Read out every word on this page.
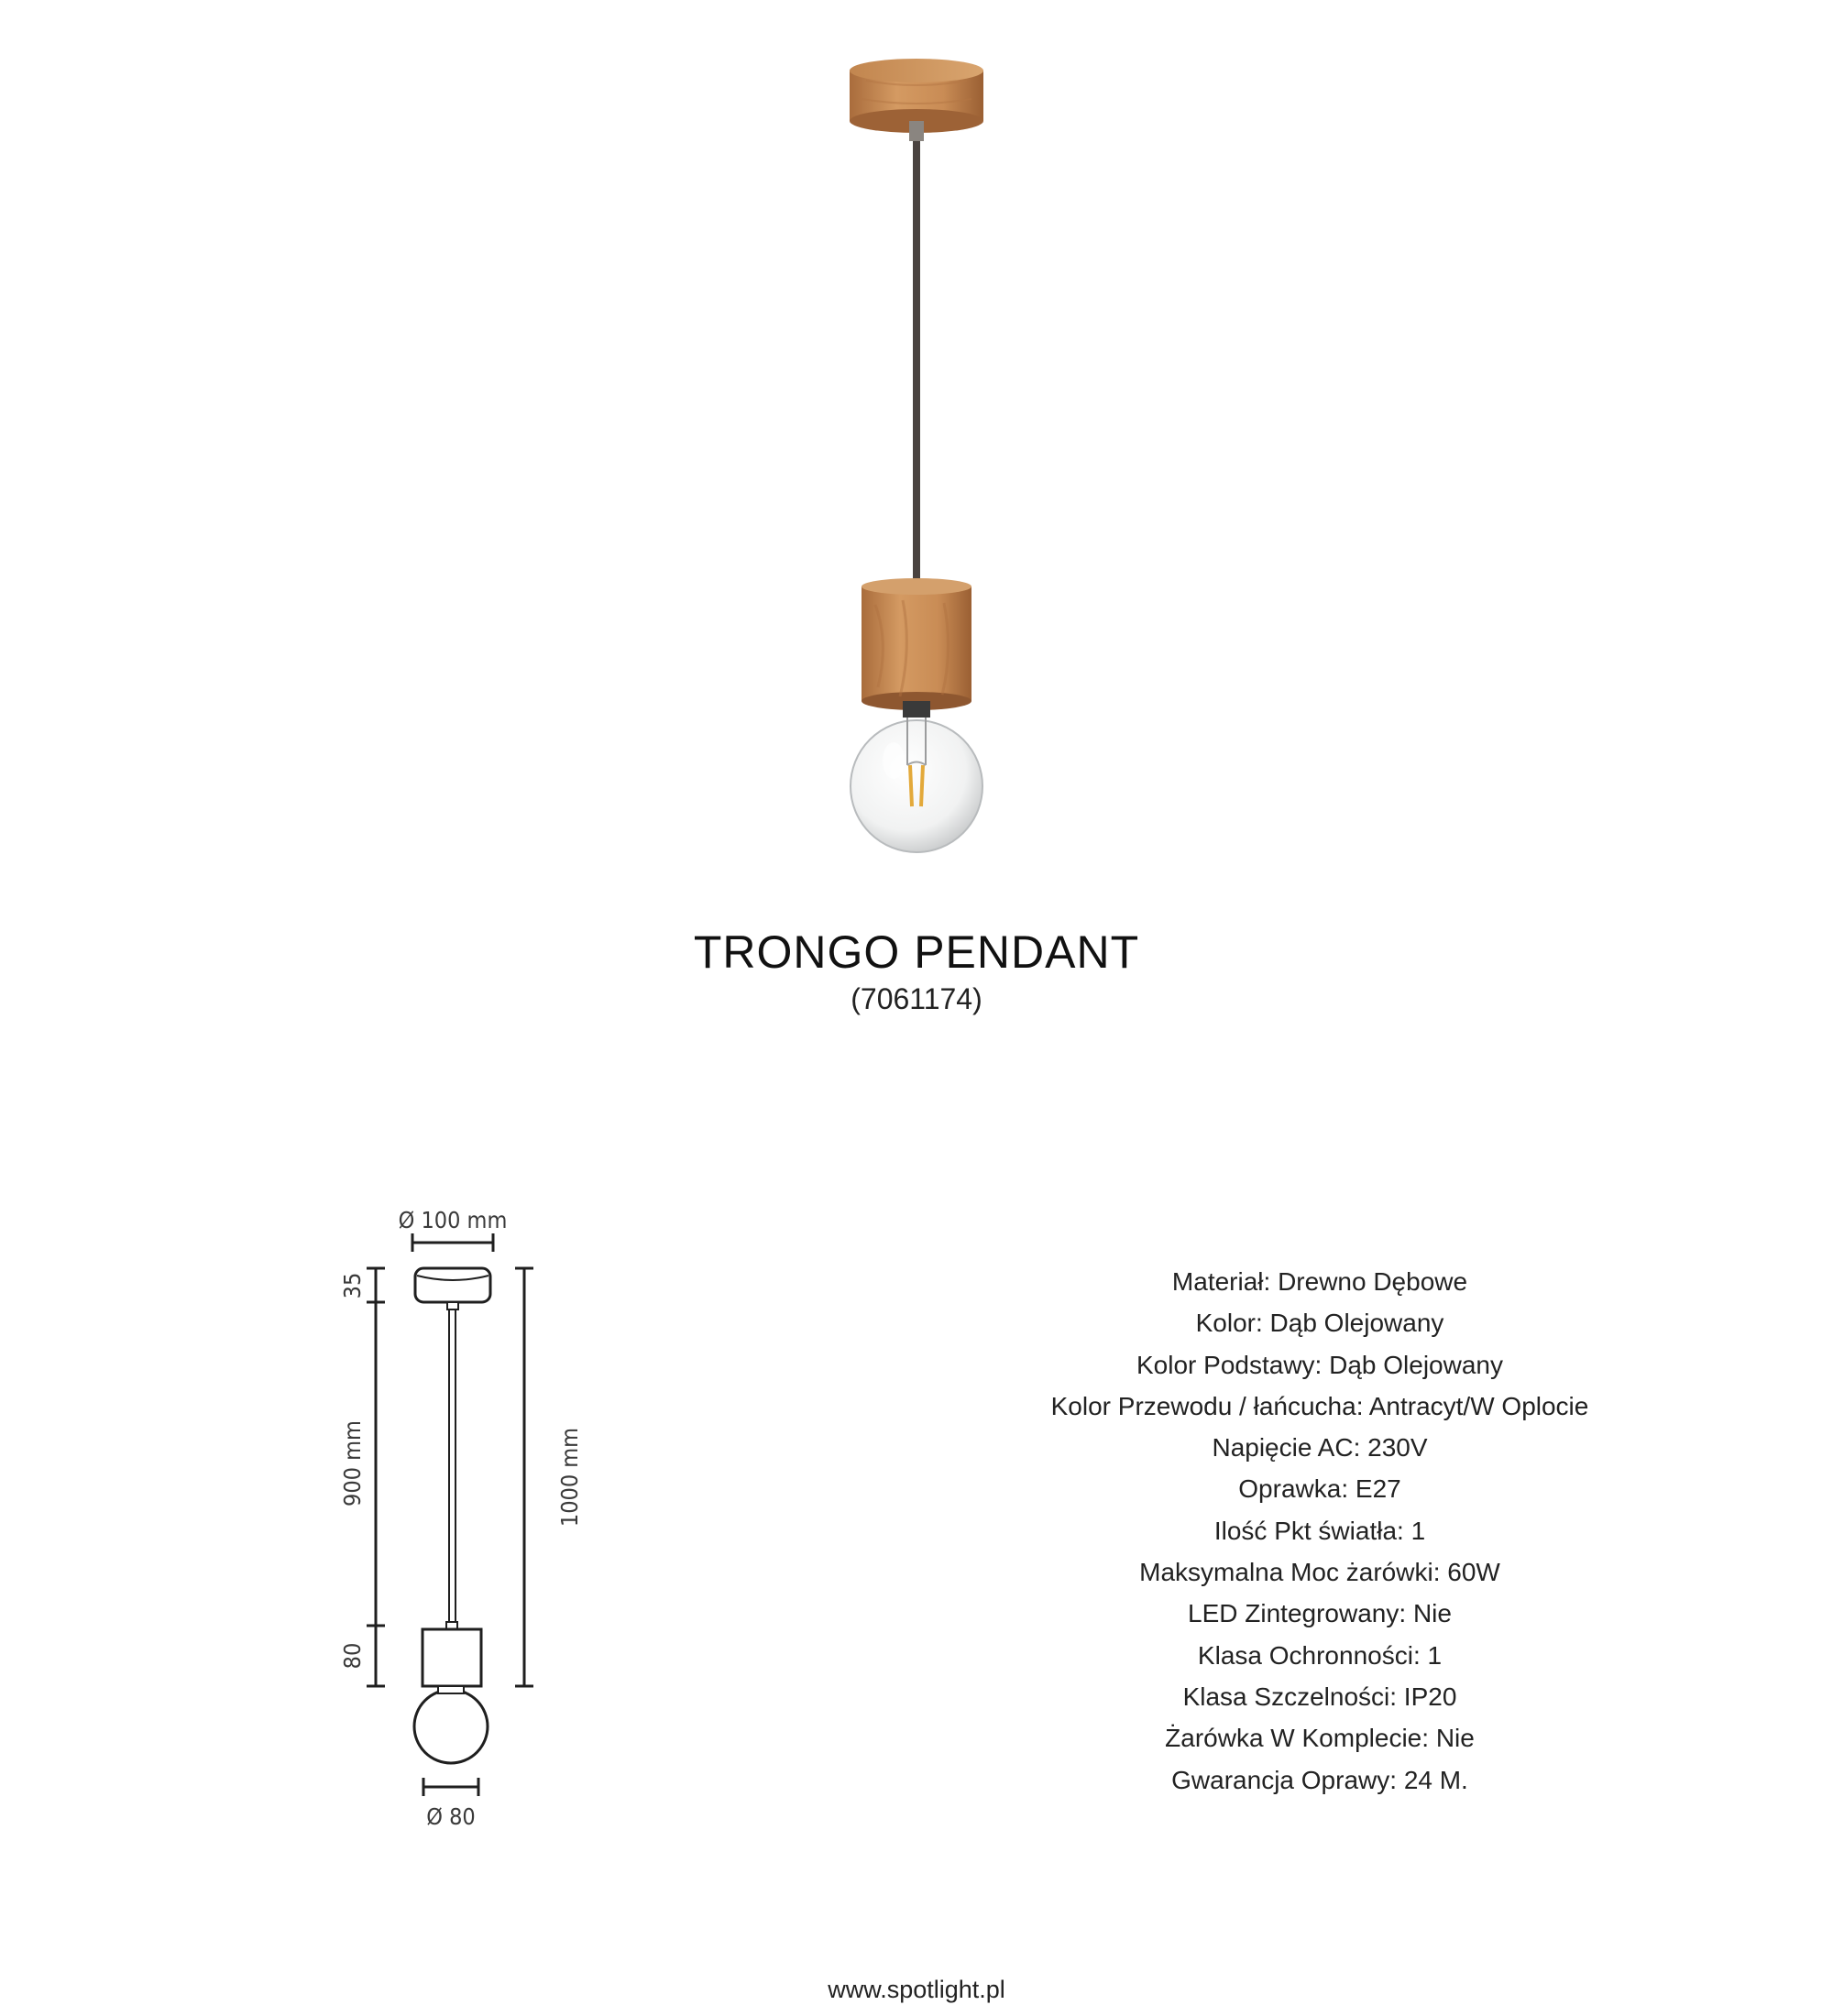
TRONGO PENDANT
(7061174)
Ø 100 mm
Ø 80
35
900 mm
80
1000 mm
Materiał: Drewno Dębowe
Kolor: Dąb Olejowany
Kolor Podstawy: Dąb Olejowany
Kolor Przewodu / łańcucha: Antracyt/W Oplocie
Napięcie AC: 230V
Oprawka: E27
Ilość Pkt światła: 1
Maksymalna Moc żarówki: 60W
LED Zintegrowany: Nie
Klasa Ochronności: 1
Klasa Szczelności: IP20
Żarówka W Komplecie: Nie
Gwarancja Oprawy: 24 M.
www.spotlight.pl
